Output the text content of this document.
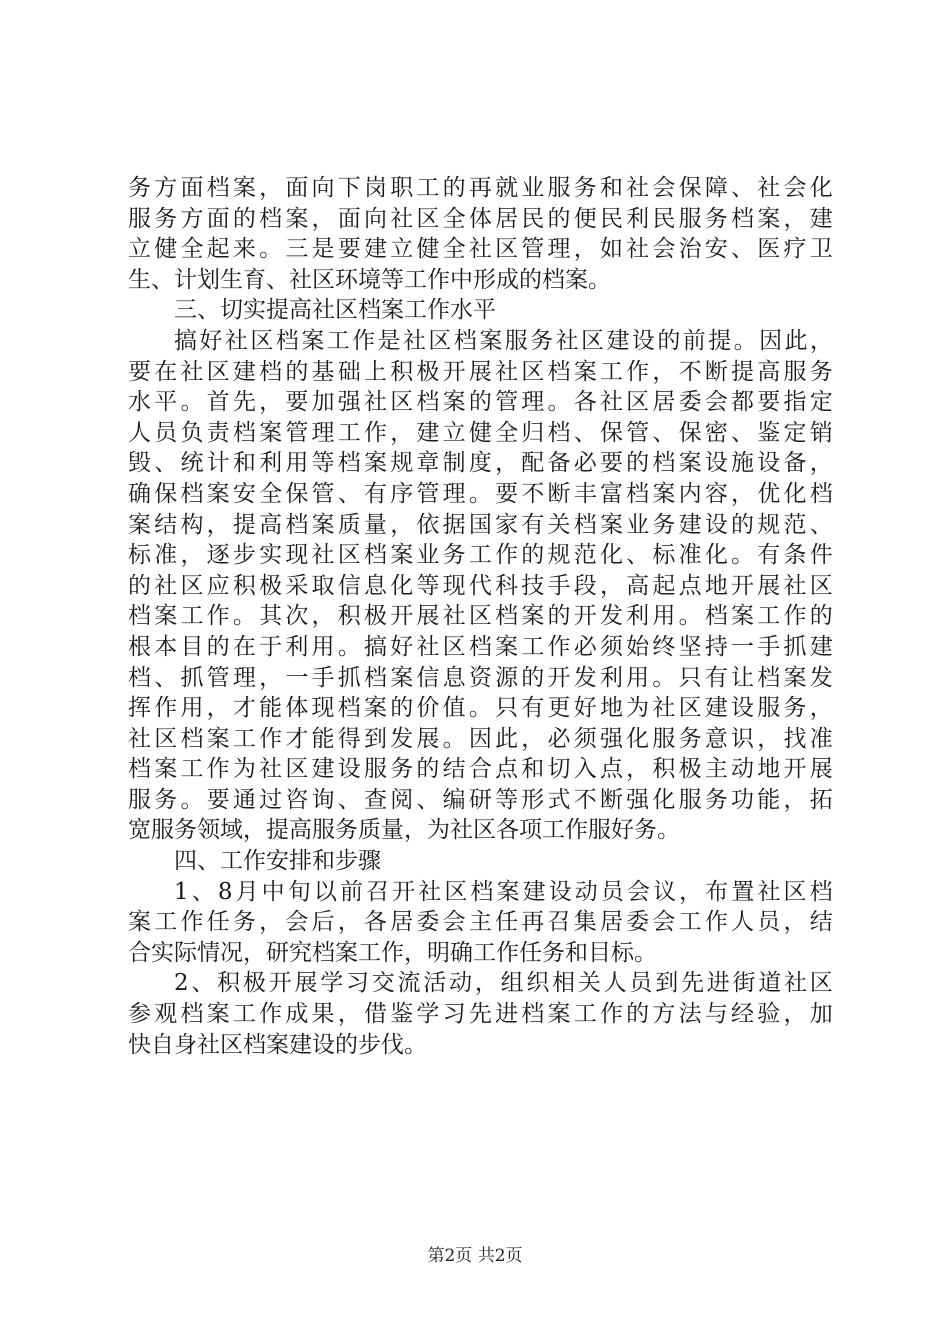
务 方 面 档 案 ， 面 向 下 岗 职 工 的 再 就 业 服 务 和 社 会 保 障 、 社 会 化
服 务 方 面 的 档 案 ， 面 向 社 区 全 体 居 民 的 便 民 利 民 服 务 档 案 ， 建
立 健 全 起 来 。 三 是 要 建 立 健 全 社 区 管 理 ， 如 社 会 治 安 、 医 疗 卫
生、计划生育、社区环境等工作中形成的档案。
三、切实提高社区档案工作水平
搞 好 社 区 档 案 工 作 是 社 区 档 案 服 务 社 区 建 设 的 前 提 。 因 此 ，
要 在 社 区 建 档 的 基 础 上 积 极 开 展 社 区 档 案 工 作 ， 不 断 提 高 服 务
水 平 。 首 先 ， 要 加 强 社 区 档 案 的 管 理 。 各 社 区 居 委 会 都 要 指 定
人 员 负 责 档 案 管 理 工 作 ， 建 立 健 全 归 档 、 保 管 、 保 密 、 鉴 定 销
毁 、 统 计 和 利 用 等 档 案 规 章 制 度 ， 配 备 必 要 的 档 案 设 施 设 备 ，
确 保 档 案 安 全 保 管 、 有 序 管 理 。 要 不 断 丰 富 档 案 内 容 ， 优 化 档
案 结 构 ， 提 高 档 案 质 量 ， 依 据 国 家 有 关 档 案 业 务 建 设 的 规 范 、
标 准 ， 逐 步 实 现 社 区 档 案 业 务 工 作 的 规 范 化 、 标 准 化 。 有 条 件
的 社 区 应 积 极 采 取 信 息 化 等 现 代 科 技 手 段 ， 高 起 点 地 开 展 社 区
档 案 工 作 。 其 次 ， 积 极 开 展 社 区 档 案 的 开 发 利 用 。 档 案 工 作 的
根 本 目 的 在 于 利 用 。 搞 好 社 区 档 案 工 作 必 须 始 终 坚 持 一 手 抓 建
档 、 抓 管 理 ， 一 手 抓 档 案 信 息 资 源 的 开 发 利 用 。 只 有 让 档 案 发
挥 作 用 ， 才 能 体 现 档 案 的 价 值 。 只 有 更 好 地 为 社 区 建 设 服 务 ，
社 区 档 案 工 作 才 能 得 到 发 展 。 因 此 ， 必 须 强 化 服 务 意 识 ， 找 准
档 案 工 作 为 社 区 建 设 服 务 的 结 合 点 和 切 入 点 ， 积 极 主 动 地 开 展
服 务 。 要 通 过 咨 询 、 查 阅 、 编 研 等 形 式 不 断 强 化 服 务 功 能 ， 拓
宽服务领域，提高服务质量，为社区各项工作服好务。
四、工作安排和步骤
1 、 8 月 中 旬 以 前 召 开 社 区 档 案 建 设 动 员 会 议 ， 布 置 社 区 档
案 工 作 任 务 ， 会 后 ， 各 居 委 会 主 任 再 召 集 居 委 会 工 作 人 员 ， 结
合实际情况，研究档案工作，明确工作任务和目标。
2 、 积 极 开 展 学 习 交 流 活 动 ， 组 织 相 关 人 员 到 先 进 街 道 社 区
参 观 档 案 工 作 成 果 ， 借 鉴 学 习 先 进 档 案 工 作 的 方 法 与 经 验 ， 加
快自身社区档案建设的步伐。
第2页 共2页
